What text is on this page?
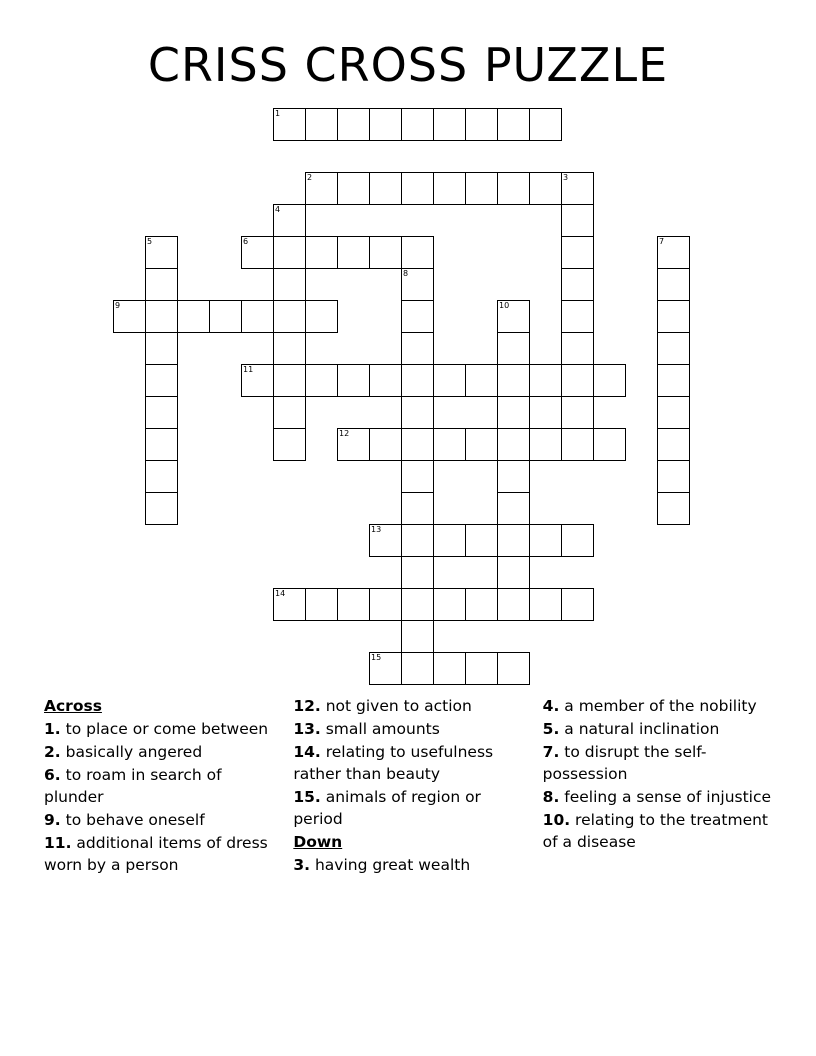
CRISS CROSS PUZZLE
1
2	3
4
5	6	7
8
9	10
11
12
13
14
15
Across
1. to place or come between
2. basically angered
6. to roam in search of plunder
9. to behave oneself
11. additional items of dress worn by a person
12. not given to action
13. small amounts
14. relating to usefulness rather than beauty
15. animals of region or period
Down
3. having great wealth
4. a member of the nobility
5. a natural inclination
7. to disrupt the self-possession
8. feeling a sense of injustice
10. relating to the treatment of a disease
